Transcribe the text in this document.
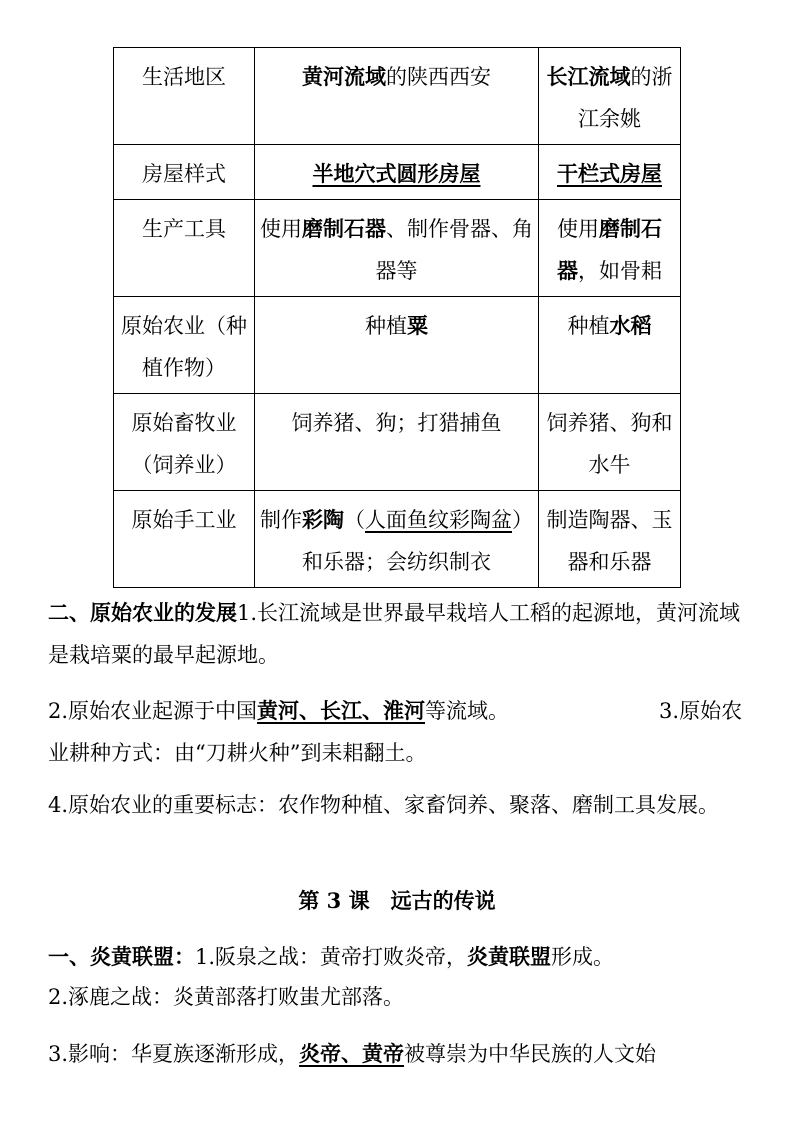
生活地区	黄河流域的陕西西安	长江流域的浙江余姚
房屋样式	半地穴式圆形房屋	干栏式房屋
生产工具	使用磨制石器、制作骨器、角器等	使用磨制石器，如骨耜
原始农业（种植作物）	种植粟	种植水稻
原始畜牧业（饲养业）	饲养猪、狗；打猎捕鱼	饲养猪、狗和水牛
原始手工业	制作彩陶（人面鱼纹彩陶盆）和乐器；会纺织制衣	制造陶器、玉器和乐器

二、原始农业的发展1.长江流域是世界最早栽培人工稻的起源地，黄河流域是栽培粟的最早起源地。

2.原始农业起源于中国黄河、长江、淮河等流域。	3.原始农业耕种方式：由“刀耕火种”到耒耜翻土。

4.原始农业的重要标志：农作物种植、家畜饲养、聚落、磨制工具发展。

第 3 课　远古的传说

一、炎黄联盟：1.阪泉之战：黄帝打败炎帝，炎黄联盟形成。

2.涿鹿之战：炎黄部落打败蚩尤部落。

3.影响：华夏族逐渐形成，炎帝、黄帝被尊崇为中华民族的人文始
